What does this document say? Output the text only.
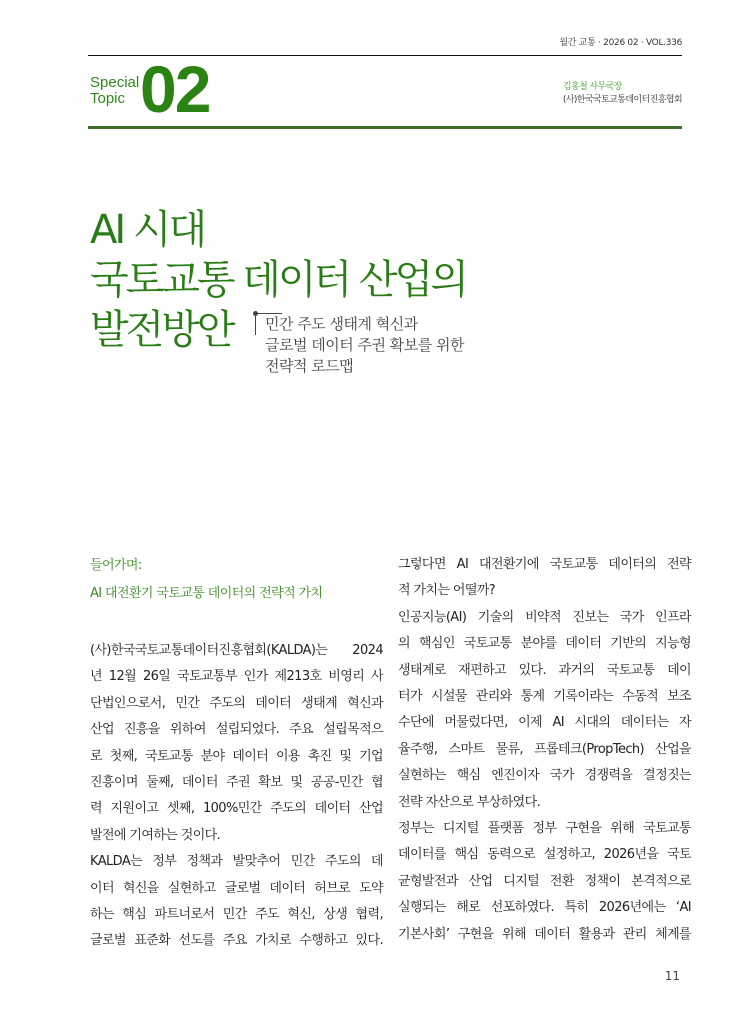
월간 교통 · 2026 02 · VOL.336
Special
Topic 02	김홍철 사무국장
(사)한국국토교통데이터진흥협회
AI 시대
국토교통 데이터 산업의
발전방안	민간 주도 생태계 혁신과
글로벌 데이터 주권 확보를 위한
전략적 로드맵
들어가며:
AI 대전환기 국토교통 데이터의 전략적 가치
(사)한국국토교통데이터진흥협회(KALDA)는 2024
년 12월 26일 국토교통부 인가 제213호 비영리 사
단법인으로서, 민간 주도의 데이터 생태계 혁신과
산업 진흥을 위하여 설립되었다. 주요 설립목적으
로 첫째, 국토교통 분야 데이터 이용 촉진 및 기업
진흥이며 둘째, 데이터 주권 확보 및 공공-민간 협
력 지원이고 셋째, 100%민간 주도의 데이터 산업
발전에 기여하는 것이다.
KALDA는 정부 정책과 발맞추어 민간 주도의 데
이터 혁신을 실현하고 글로벌 데이터 허브로 도약
하는 핵심 파트너로서 민간 주도 혁신, 상생 협력,
글로벌 표준화 선도를 주요 가치로 수행하고 있다.
그렇다면 AI 대전환기에 국토교통 데이터의 전략
적 가치는 어떨까?
인공지능(AI) 기술의 비약적 진보는 국가 인프라
의 핵심인 국토교통 분야를 데이터 기반의 지능형
생태계로 재편하고 있다. 과거의 국토교통 데이
터가 시설물 관리와 통계 기록이라는 수동적 보조
수단에 머물렀다면, 이제 AI 시대의 데이터는 자
율주행, 스마트 물류, 프롭테크(PropTech) 산업을
실현하는 핵심 엔진이자 국가 경쟁력을 결정짓는
전략 자산으로 부상하였다.
정부는 디지털 플랫폼 정부 구현을 위해 국토교통
데이터를 핵심 동력으로 설정하고, 2026년을 국토
균형발전과 산업 디지털 전환 정책이 본격적으로
실행되는 해로 선포하였다. 특히 2026년에는 ‘AI
기본사회’ 구현을 위해 데이터 활용과 관리 체계를
11
